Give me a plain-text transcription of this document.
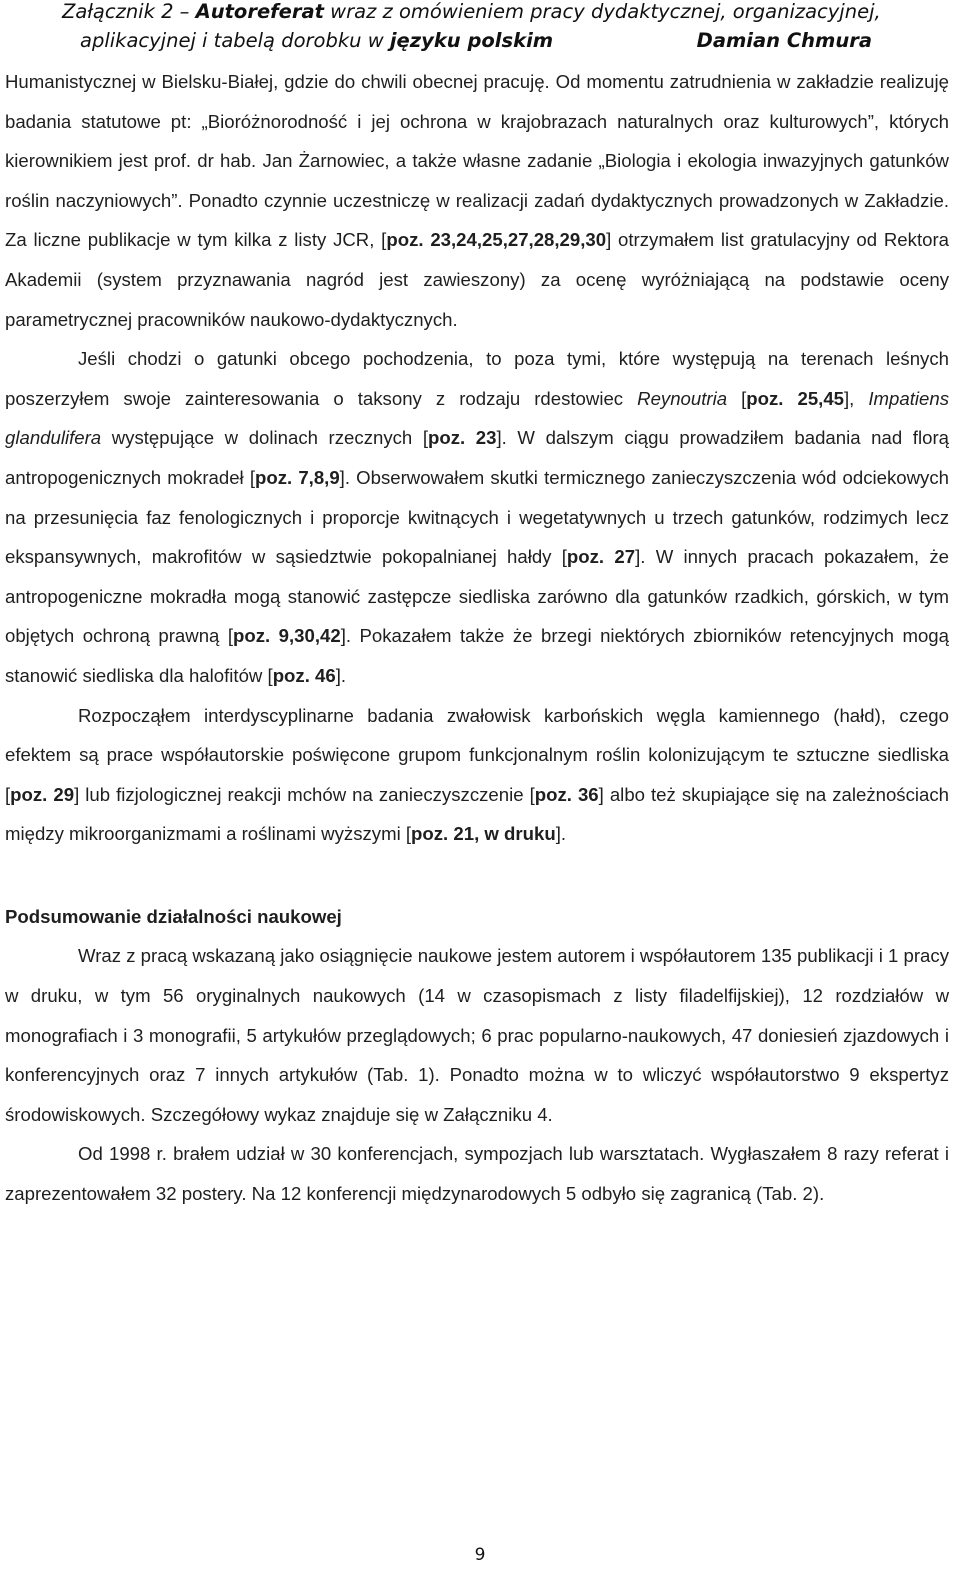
Załącznik 2 – Autoreferat wraz z omówieniem pracy dydaktycznej, organizacyjnej,
aplikacyjnej i tabelą dorobku w języku polskim	Damian Chmura

Humanistycznej w Bielsku-Białej, gdzie do chwili obecnej pracuję. Od momentu zatrudnienia w zakładzie realizuję badania statutowe pt: „Bioróżnorodność i jej ochrona w krajobrazach naturalnych oraz kulturowych”, których kierownikiem jest prof. dr hab. Jan Żarnowiec, a także własne zadanie „Biologia i ekologia inwazyjnych gatunków roślin naczyniowych”. Ponadto czynnie uczestniczę w realizacji zadań dydaktycznych prowadzonych w Zakładzie. Za liczne publikacje w tym kilka z listy JCR, [poz. 23,24,25,27,28,29,30] otrzymałem list gratulacyjny od Rektora Akademii (system przyznawania nagród jest zawieszony) za ocenę wyróżniającą na podstawie oceny parametrycznej pracowników naukowo-dydaktycznych.

Jeśli chodzi o gatunki obcego pochodzenia, to poza tymi, które występują na terenach leśnych poszerzyłem swoje zainteresowania o taksony z rodzaju rdestowiec Reynoutria [poz. 25,45], Impatiens glandulifera występujące w dolinach rzecznych [poz. 23]. W dalszym ciągu prowadziłem badania nad florą antropogenicznych mokradeł [poz. 7,8,9]. Obserwowałem skutki termicznego zanieczyszczenia wód odciekowych na przesunięcia faz fenologicznych i proporcje kwitnących i wegetatywnych u trzech gatunków, rodzimych lecz ekspansywnych, makrofitów w sąsiedztwie pokopalnianej hałdy [poz. 27]. W innych pracach pokazałem, że antropogeniczne mokradła mogą stanowić zastępcze siedliska zarówno dla gatunków rzadkich, górskich, w tym objętych ochroną prawną [poz. 9,30,42]. Pokazałem także że brzegi niektórych zbiorników retencyjnych mogą stanowić siedliska dla halofitów [poz. 46].

Rozpocząłem interdyscyplinarne badania zwałowisk karbońskich węgla kamiennego (hałd), czego efektem są prace współautorskie poświęcone grupom funkcjonalnym roślin kolonizującym te sztuczne siedliska [poz. 29] lub fizjologicznej reakcji mchów na zanieczyszczenie [poz. 36] albo też skupiające się na zależnościach między mikroorganizmami a roślinami wyższymi [poz. 21, w druku].

Podsumowanie działalności naukowej

Wraz z pracą wskazaną jako osiągnięcie naukowe jestem autorem i współautorem 135 publikacji i 1 pracy w druku, w tym 56 oryginalnych naukowych (14 w czasopismach z listy filadelfijskiej), 12 rozdziałów w monografiach i 3 monografii, 5 artykułów przeglądowych; 6 prac popularno-naukowych, 47 doniesień zjazdowych i konferencyjnych oraz 7 innych artykułów (Tab. 1). Ponadto można w to wliczyć współautorstwo 9 ekspertyz środowiskowych. Szczegółowy wykaz znajduje się w Załączniku 4.

Od 1998 r. brałem udział w 30 konferencjach, sympozjach lub warsztatach. Wygłaszałem 8 razy referat i zaprezentowałem 32 postery. Na 12 konferencji międzynarodowych 5 odbyło się zagranicą (Tab. 2).

9
